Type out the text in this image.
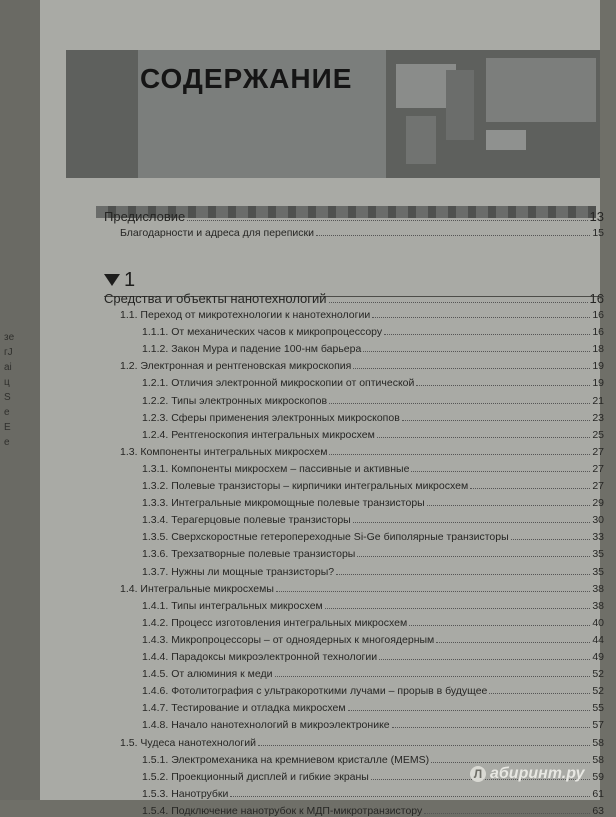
зeгJаiцSеЕе
СОДЕРЖАНИЕ
Предисловие	13
Благодарности и адреса для переписки	15
1
Средства и объекты нанотехнологий	16
1.1. Переход от микротехнологии к нанотехнологии	16
1.1.1. От механических часов к микропроцессору	16
1.1.2. Закон Мура и падение 100-нм барьера	18
1.2. Электронная и рентгеновская микроскопия	19
1.2.1. Отличия электронной микроскопии от оптической	19
1.2.2. Типы электронных микроскопов	21
1.2.3. Сферы применения электронных микроскопов	23
1.2.4. Рентгеноскопия интегральных микросхем	25
1.3. Компоненты интегральных микросхем	27
1.3.1. Компоненты микросхем – пассивные и активные	27
1.3.2. Полевые транзисторы – кирпичики интегральных микросхем	27
1.3.3. Интегральные микромощные полевые транзисторы	29
1.3.4. Терагерцовые полевые транзисторы	30
1.3.5. Сверхскоростные гетеропереходные Si-Ge биполярные транзисторы	33
1.3.6. Трехзатворные полевые транзисторы	35
1.3.7. Нужны ли мощные транзисторы?	35
1.4. Интегральные микросхемы	38
1.4.1. Типы интегральных микросхем	38
1.4.2. Процесс изготовления интегральных микросхем	40
1.4.3. Микропроцессоры – от одноядерных к многоядерным	44
1.4.4. Парадоксы микроэлектронной технологии	49
1.4.5. От алюминия к меди	52
1.4.6. Фотолитография с ультракороткими лучами – прорыв в будущее	52
1.4.7. Тестирование и отладка микросхем	55
1.4.8. Начало нанотехнологий в микроэлектронике	57
1.5. Чудеса нанотехнологий	58
1.5.1. Электромеханика на кремниевом кристалле (MEMS)	58
1.5.2. Проекционный дисплей и гибкие экраны	59
1.5.3. Нанотрубки	61
1.5.4. Подключение нанотрубок к МДП-микротранзистору	63
Л абиринт.ру
